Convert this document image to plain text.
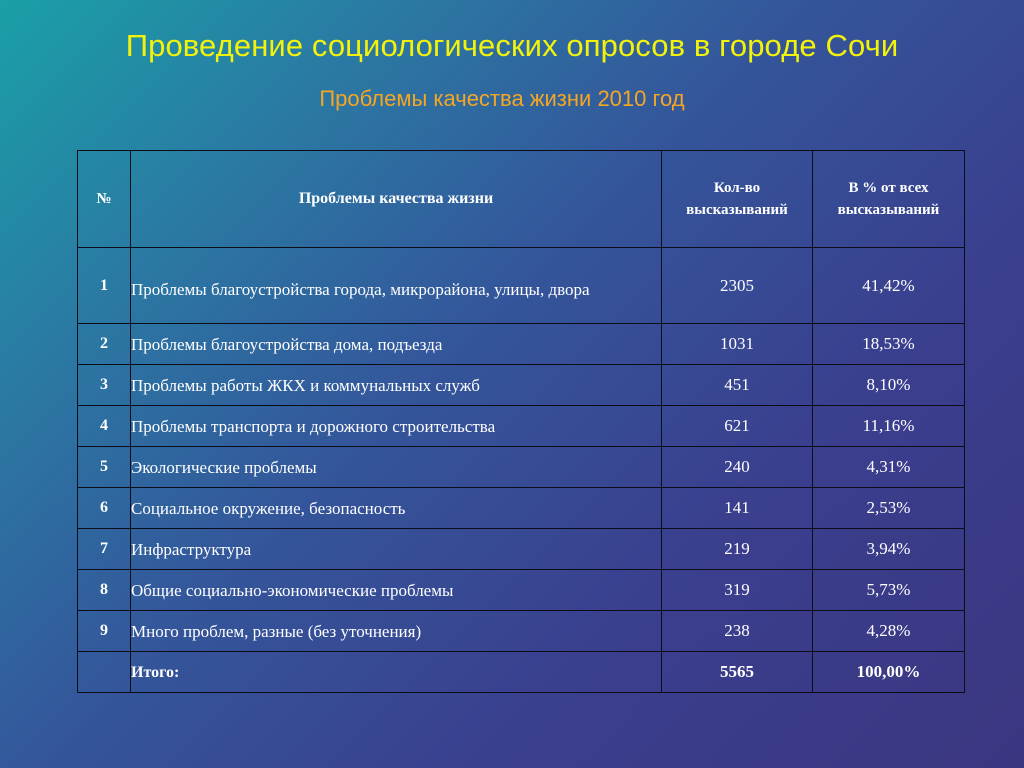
Проведение социологических опросов в городе Сочи
Проблемы качества жизни 2010 год
№	Проблемы качества жизни	Кол-во высказываний	В % от всех высказываний
1	Проблемы благоустройства города, микрорайона, улицы, двора	2305	41,42%
2	Проблемы благоустройства дома, подъезда	1031	18,53%
3	Проблемы работы ЖКХ и коммунальных служб	451	8,10%
4	Проблемы транспорта и дорожного строительства	621	11,16%
5	Экологические проблемы	240	4,31%
6	Социальное окружение, безопасность	141	2,53%
7	Инфраструктура	219	3,94%
8	Общие социально-экономические проблемы	319	5,73%
9	Много проблем, разные (без уточнения)	238	4,28%
	Итого:	5565	100,00%
